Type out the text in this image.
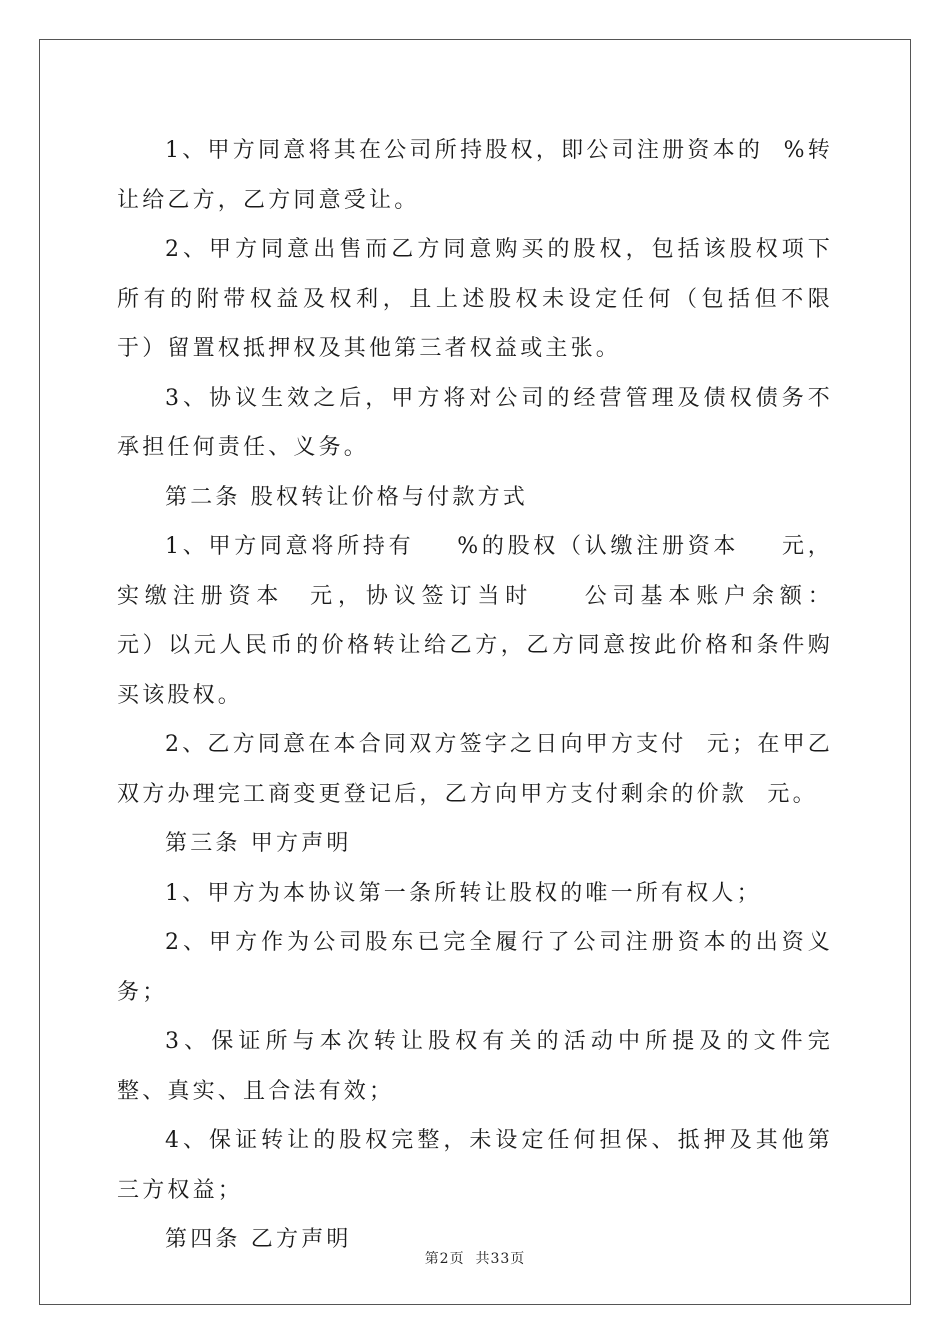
1、甲方同意将其在公司所持股权，即公司注册资本的  %转让给乙方，乙方同意受让。

2、甲方同意出售而乙方同意购买的股权，包括该股权项下所有的附带权益及权利，且上述股权未设定任何（包括但不限于）留置权抵押权及其他第三者权益或主张。

3、协议生效之后，甲方将对公司的经营管理及债权债务不承担任何责任、义务。

第二条 股权转让价格与付款方式

1、甲方同意将所持有    %的股权（认缴注册资本    元，实缴注册资本  元，协议签订当时    公司基本账户余额：    元）以元人民币的价格转让给乙方，乙方同意按此价格和条件购买该股权。

2、乙方同意在本合同双方签字之日向甲方支付  元；在甲乙双方办理完工商变更登记后，乙方向甲方支付剩余的价款  元。

第三条 甲方声明

1、甲方为本协议第一条所转让股权的唯一所有权人；

2、甲方作为公司股东已完全履行了公司注册资本的出资义务；

3、保证所与本次转让股权有关的活动中所提及的文件完整、真实、且合法有效；

4、保证转让的股权完整，未设定任何担保、抵押及其他第三方权益；

第四条 乙方声明

第2页  共33页
